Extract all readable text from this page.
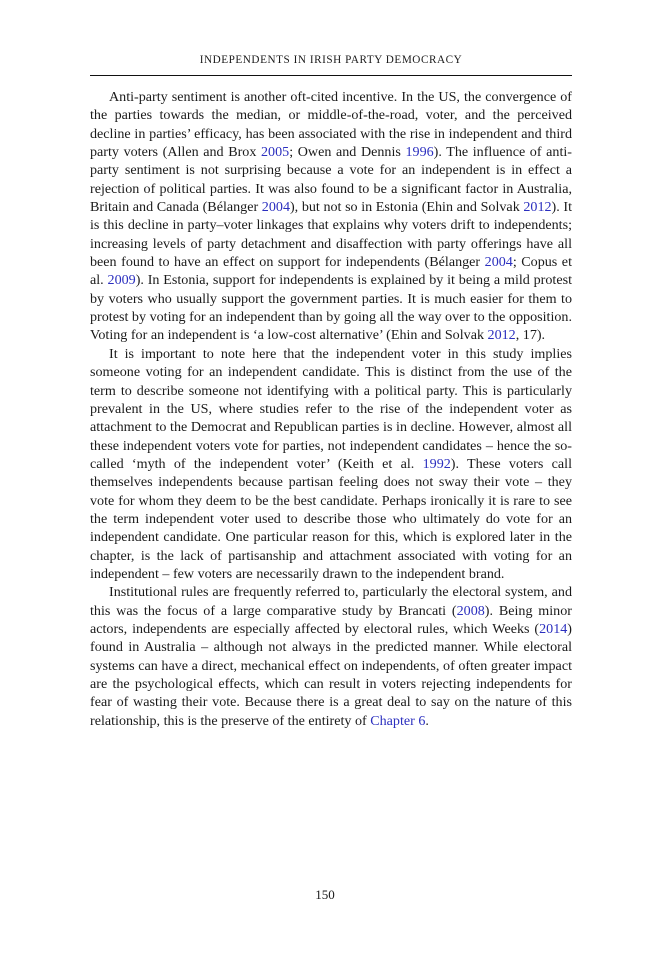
INDEPENDENTS IN IRISH PARTY DEMOCRACY

Anti-party sentiment is another oft-cited incentive. In the US, the convergence of the parties towards the median, or middle-of-the-road, voter, and the perceived decline in parties’ efficacy, has been associated with the rise in independent and third party voters (Allen and Brox 2005; Owen and Dennis 1996). The influence of anti-party sentiment is not surprising because a vote for an independent is in effect a rejection of political parties. It was also found to be a significant factor in Australia, Britain and Canada (Bélanger 2004), but not so in Estonia (Ehin and Solvak 2012). It is this decline in party–voter linkages that explains why voters drift to independents; increasing levels of party detachment and disaffection with party offerings have all been found to have an effect on support for independents (Bélanger 2004; Copus et al. 2009). In Estonia, support for independents is explained by it being a mild protest by voters who usually support the government parties. It is much easier for them to protest by voting for an independent than by going all the way over to the opposition. Voting for an independent is ‘a low-cost alternative’ (Ehin and Solvak 2012, 17).

It is important to note here that the independent voter in this study implies someone voting for an independent candidate. This is distinct from the use of the term to describe someone not identifying with a political party. This is particularly prevalent in the US, where studies refer to the rise of the independent voter as attachment to the Democrat and Republican parties is in decline. However, almost all these independent voters vote for parties, not independent candidates – hence the so-called ‘myth of the independent voter’ (Keith et al. 1992). These voters call themselves independents because partisan feeling does not sway their vote – they vote for whom they deem to be the best candidate. Perhaps ironically it is rare to see the term independent voter used to describe those who ultimately do vote for an independent candidate. One particular reason for this, which is explored later in the chapter, is the lack of partisanship and attachment associated with voting for an independent – few voters are necessarily drawn to the independent brand.

Institutional rules are frequently referred to, particularly the electoral system, and this was the focus of a large comparative study by Brancati (2008). Being minor actors, independents are especially affected by electoral rules, which Weeks (2014) found in Australia – although not always in the predicted manner. While electoral systems can have a direct, mechanical effect on independents, of often greater impact are the psychological effects, which can result in voters rejecting independents for fear of wasting their vote. Because there is a great deal to say on the nature of this relationship, this is the preserve of the entirety of Chapter 6.

150
